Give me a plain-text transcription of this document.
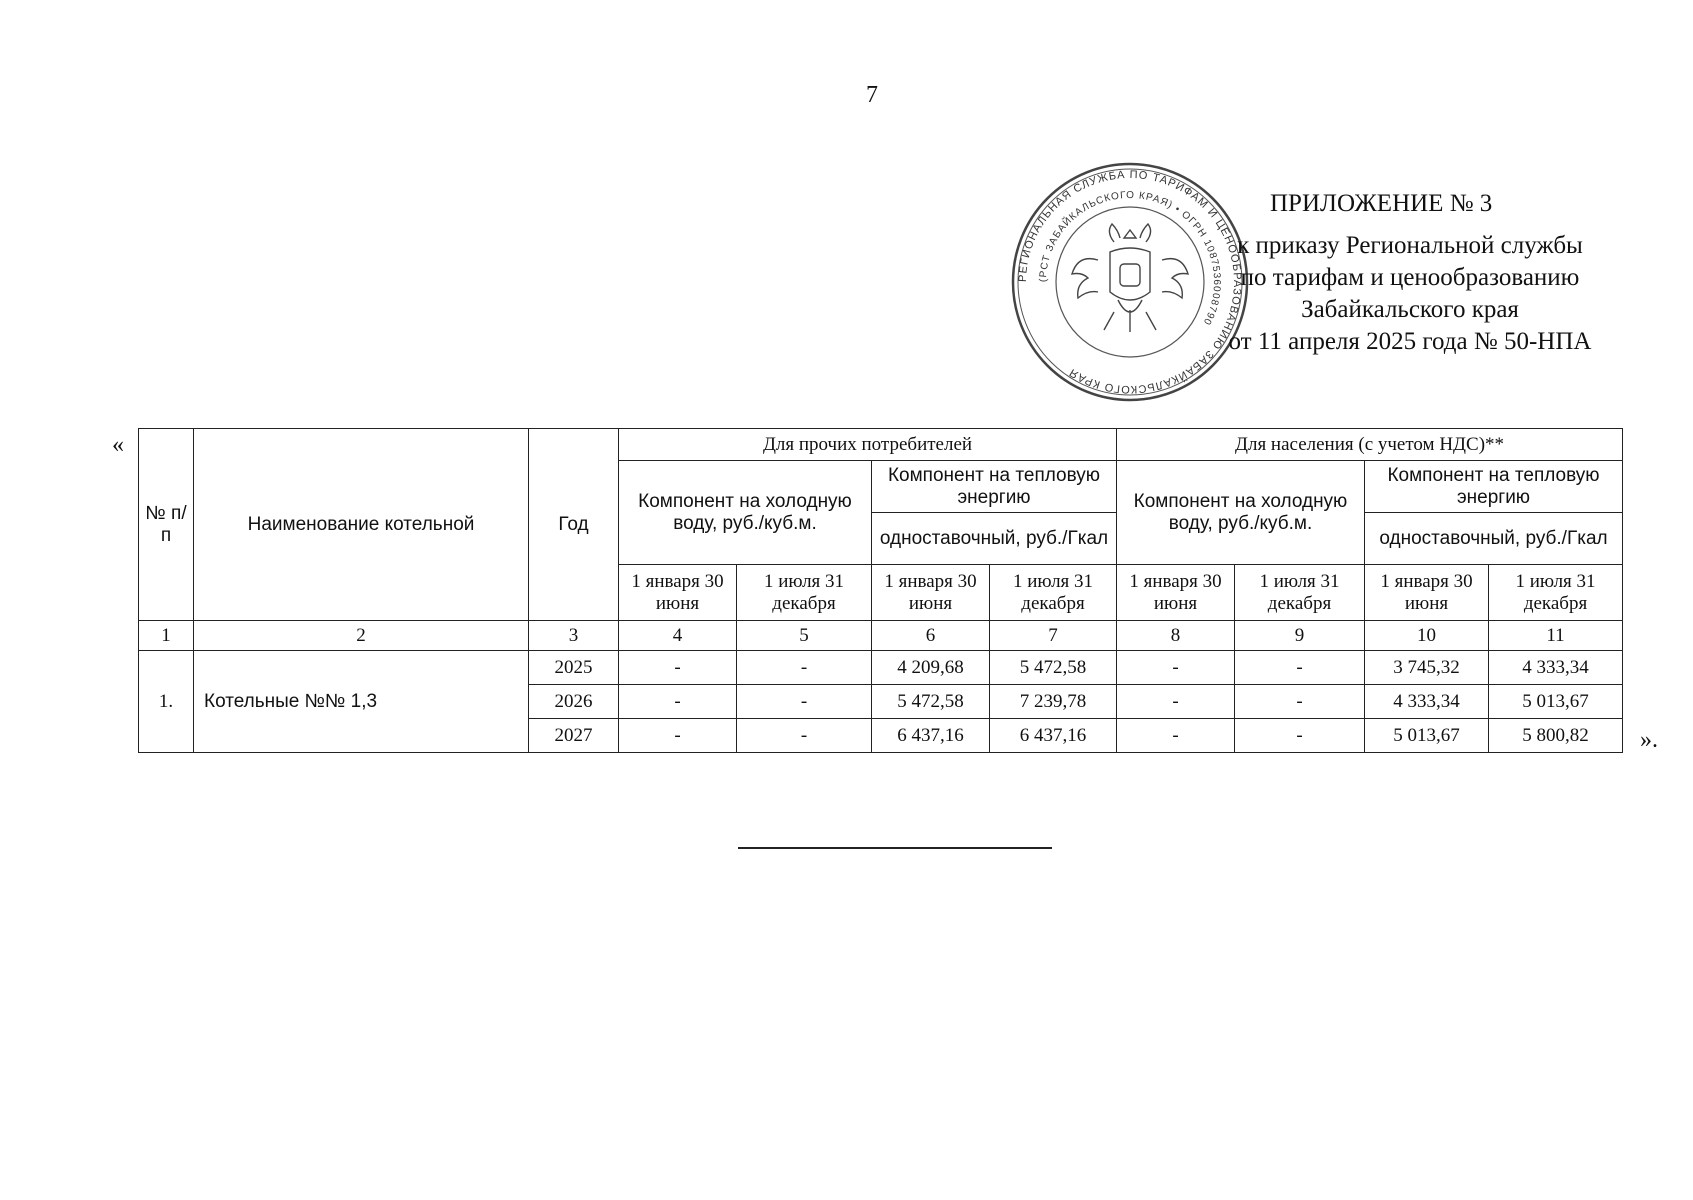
7
РЕГИОНАЛЬНАЯ СЛУЖБА ПО ТАРИФАМ И ЦЕНООБРАЗОВАНИЮ ЗАБАЙКАЛЬСКОГО КРАЯ
(РСТ ЗАБАЙКАЛЬСКОГО КРАЯ) • ОГРН 1087536008790
ПРИЛОЖЕНИЕ № 3
к приказу Региональной службы
по тарифам и ценообразованию
Забайкальского края
от 11 апреля 2025 года № 50-НПА
«
№ п/п	Наименование котельной	Год	Для прочих потребителей				Для населения (с учетом НДС)**			
			Компонент на холодную воду, руб./куб.м.		Компонент на тепловую энергию		Компонент на холодную воду, руб./куб.м.		Компонент на тепловую энергию	
					одноставочный, руб./Гкал				одноставочный, руб./Гкал	
			1 января 30 июня	1 июля 31 декабря	1 января 30 июня	1 июля 31 декабря	1 января 30 июня	1 июля 31 декабря	1 января 30 июня	1 июля 31 декабря
1	2	3	4	5	6	7	8	9	10	11
1.	Котельные №№ 1,3	2025	-	-	4 209,68	5 472,58	-	-	3 745,32	4 333,34
		2026	-	-	5 472,58	7 239,78	-	-	4 333,34	5 013,67
		2027	-	-	6 437,16	6 437,16	-	-	5 013,67	5 800,82 ».
